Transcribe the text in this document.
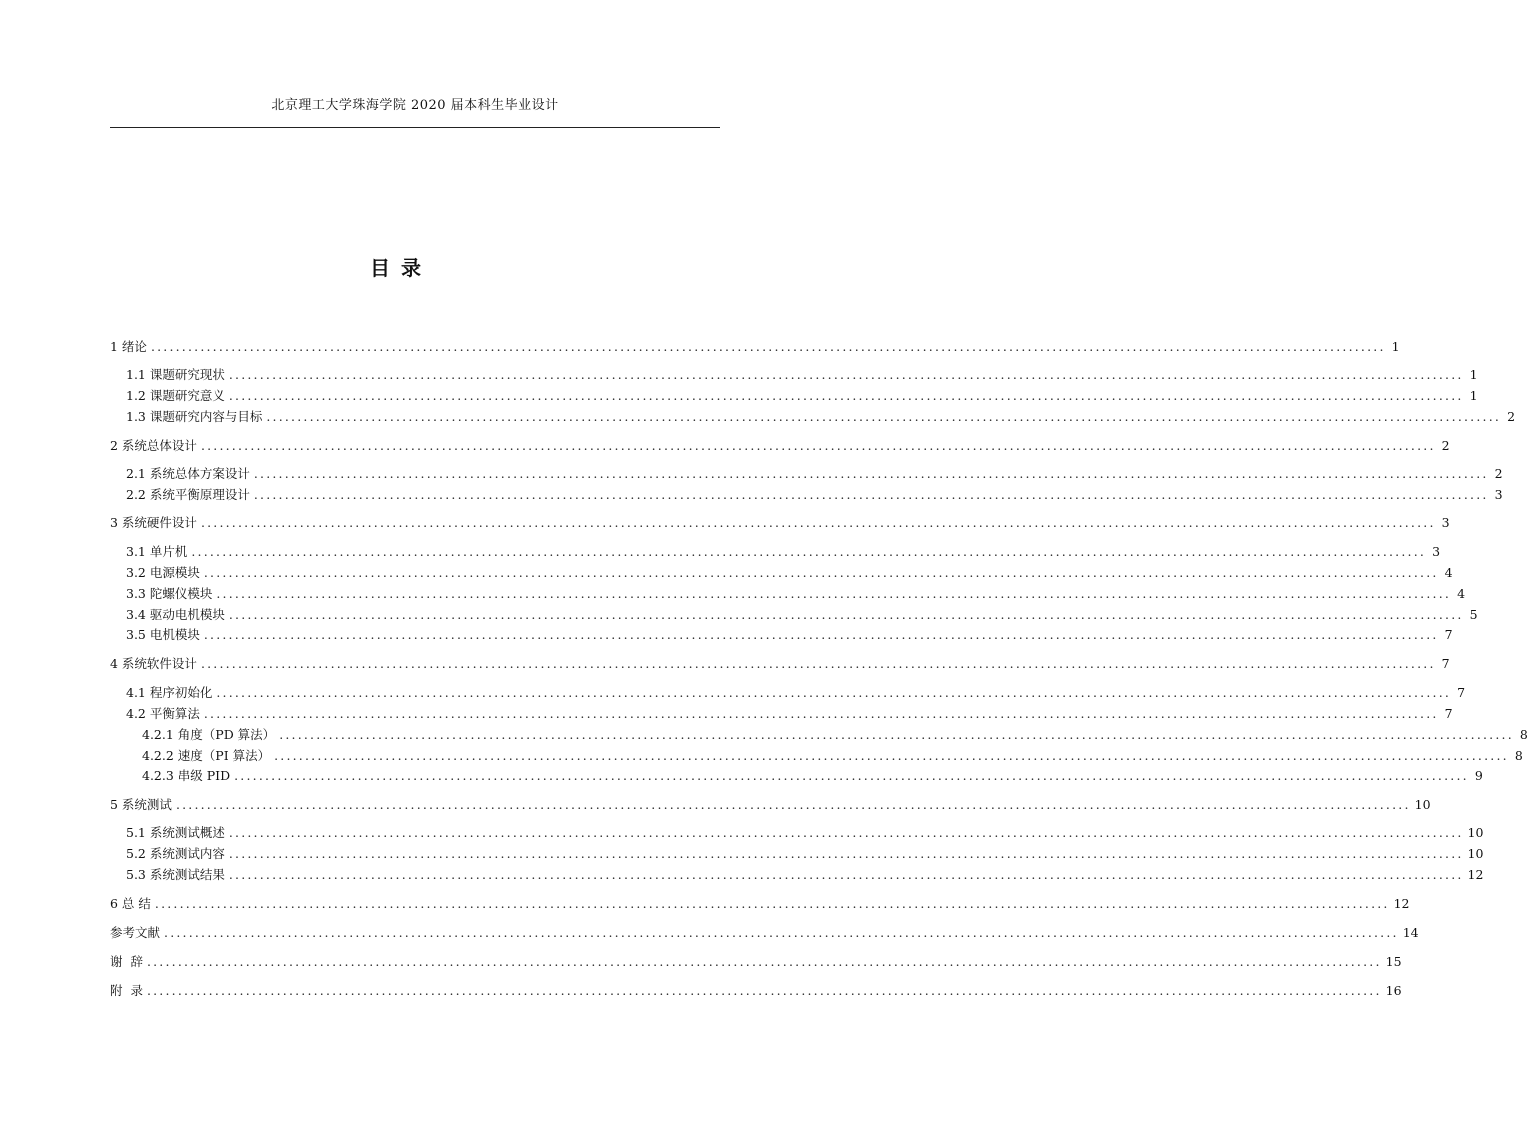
北京理工大学珠海学院 2020 届本科生毕业设计
目 录
1 绪论 ........................................................................................................................................................................................................ 1
1.1 课题研究现状 ........................................................................................................................................................................................................ 1
1.2 课题研究意义 ........................................................................................................................................................................................................ 1
1.3 课题研究内容与目标 ........................................................................................................................................................................................................ 2
2 系统总体设计 ........................................................................................................................................................................................................ 2
2.1 系统总体方案设计 ........................................................................................................................................................................................................ 2
2.2 系统平衡原理设计 ........................................................................................................................................................................................................ 3
3 系统硬件设计 ........................................................................................................................................................................................................ 3
3.1 单片机 ........................................................................................................................................................................................................ 3
3.2 电源模块 ........................................................................................................................................................................................................ 4
3.3 陀螺仪模块 ........................................................................................................................................................................................................ 4
3.4 驱动电机模块 ........................................................................................................................................................................................................ 5
3.5 电机模块 ........................................................................................................................................................................................................ 7
4 系统软件设计 ........................................................................................................................................................................................................ 7
4.1 程序初始化 ........................................................................................................................................................................................................ 7
4.2 平衡算法 ........................................................................................................................................................................................................ 7
4.2.1 角度（PD 算法） ........................................................................................................................................................................................................ 8
4.2.2 速度（PI 算法） ........................................................................................................................................................................................................ 8
4.2.3 串级 PID ........................................................................................................................................................................................................ 9
5 系统测试 ........................................................................................................................................................................................................ 10
5.1 系统测试概述 ........................................................................................................................................................................................................ 10
5.2 系统测试内容 ........................................................................................................................................................................................................ 10
5.3 系统测试结果 ........................................................................................................................................................................................................ 12
6 总 结 ........................................................................................................................................................................................................ 12
参考文献 ........................................................................................................................................................................................................ 14
谢  辞 ........................................................................................................................................................................................................ 15
附  录 ........................................................................................................................................................................................................ 16
